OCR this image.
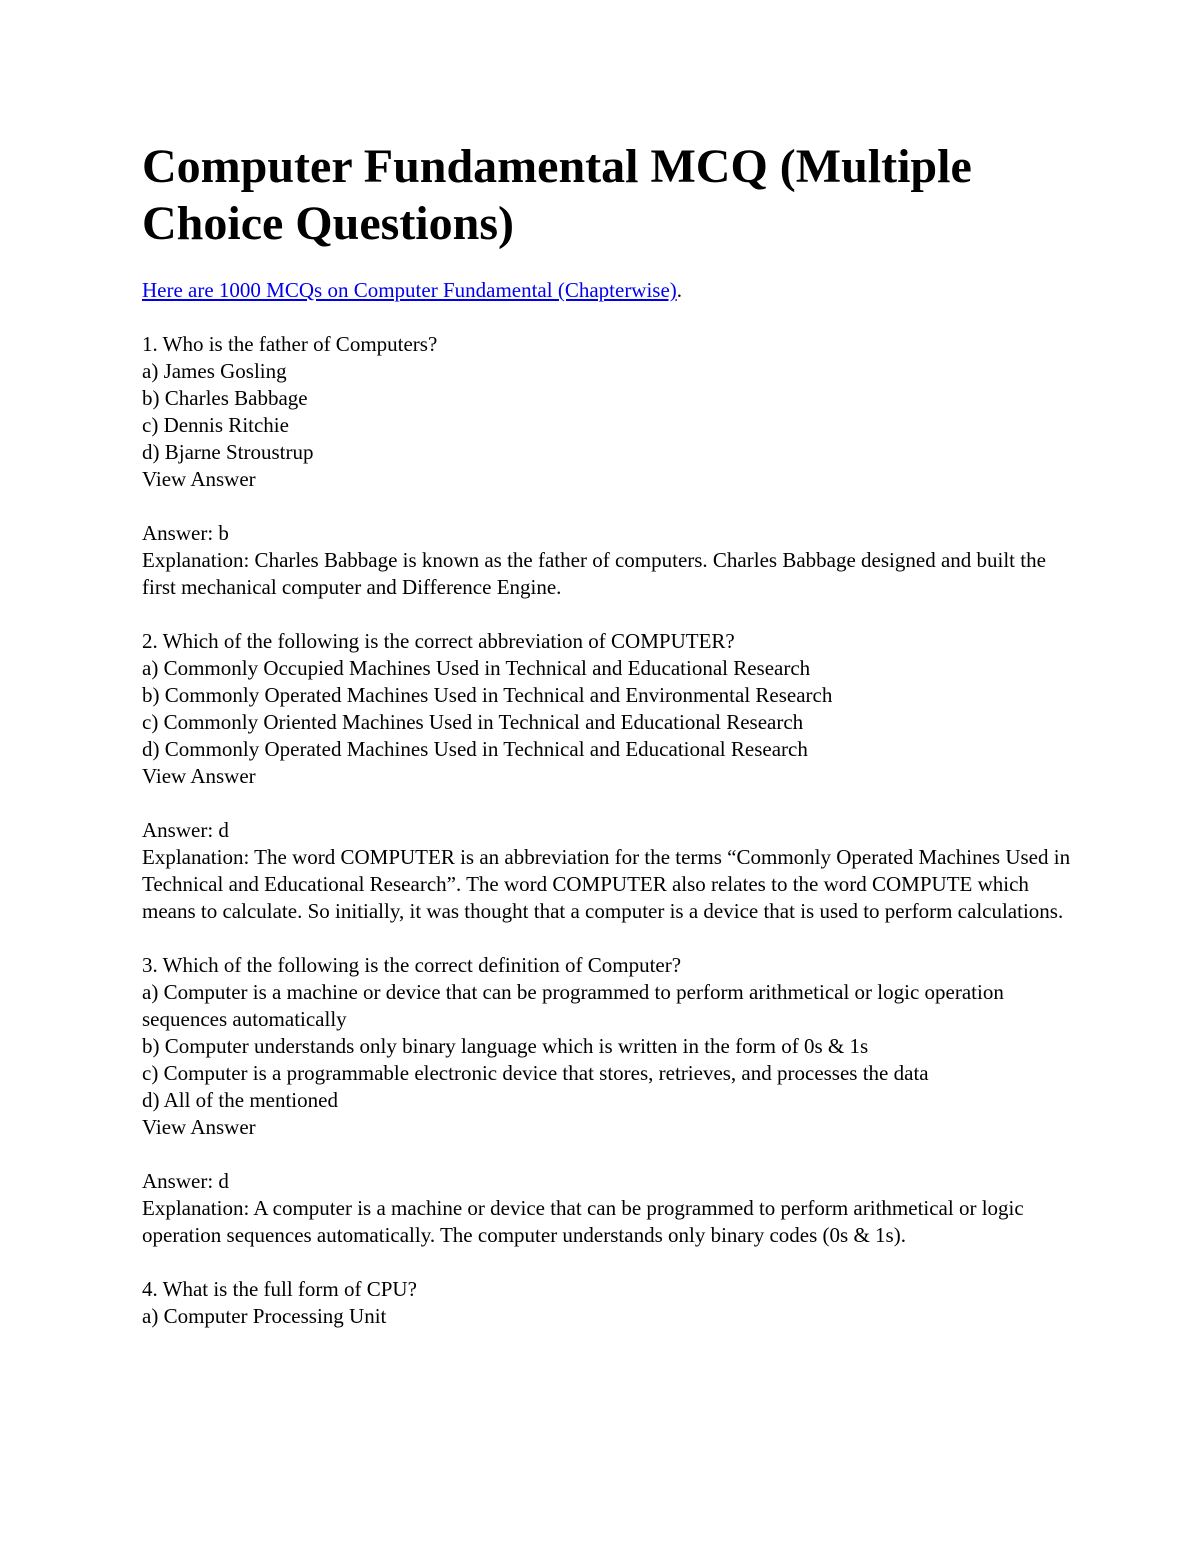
Computer Fundamental MCQ (Multiple Choice Questions)

Here are 1000 MCQs on Computer Fundamental (Chapterwise).

1. Who is the father of Computers?
a) James Gosling
b) Charles Babbage
c) Dennis Ritchie
d) Bjarne Stroustrup
View Answer
Answer: b
Explanation: Charles Babbage is known as the father of computers. Charles Babbage designed and built the first mechanical computer and Difference Engine.
2. Which of the following is the correct abbreviation of COMPUTER?
a) Commonly Occupied Machines Used in Technical and Educational Research
b) Commonly Operated Machines Used in Technical and Environmental Research
c) Commonly Oriented Machines Used in Technical and Educational Research
d) Commonly Operated Machines Used in Technical and Educational Research
View Answer
Answer: d
Explanation: The word COMPUTER is an abbreviation for the terms “Commonly Operated Machines Used in Technical and Educational Research”. The word COMPUTER also relates to the word COMPUTE which means to calculate. So initially, it was thought that a computer is a device that is used to perform calculations.
3. Which of the following is the correct definition of Computer?
a) Computer is a machine or device that can be programmed to perform arithmetical or logic operation sequences automatically
b) Computer understands only binary language which is written in the form of 0s & 1s
c) Computer is a programmable electronic device that stores, retrieves, and processes the data
d) All of the mentioned
View Answer
Answer: d
Explanation: A computer is a machine or device that can be programmed to perform arithmetical or logic operation sequences automatically. The computer understands only binary codes (0s & 1s).
4. What is the full form of CPU?
a) Computer Processing Unit
